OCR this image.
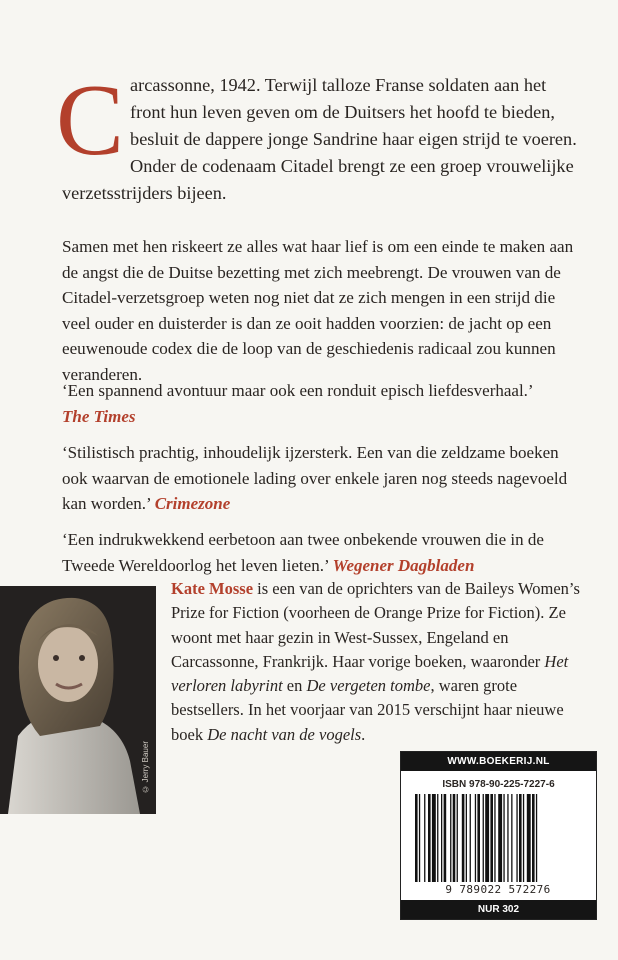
Carcassonne, 1942. Terwijl talloze Franse soldaten aan het front hun leven geven om de Duitsers het hoofd te bieden, besluit de dappere jonge Sandrine haar eigen strijd te voeren. Onder de codenaam Citadel brengt ze een groep vrouwelijke verzetsstrijders bijeen.
Samen met hen riskeert ze alles wat haar lief is om een einde te maken aan de angst die de Duitse bezetting met zich meebrengt. De vrouwen van de Citadel-verzetsgroep weten nog niet dat ze zich mengen in een strijd die veel ouder en duisterder is dan ze ooit hadden voorzien: de jacht op een eeuwenoude codex die de loop van de geschiedenis radicaal zou kunnen veranderen.
‘Een spannend avontuur maar ook een ronduit episch liefdesverhaal.’
The Times
‘Stilistisch prachtig, inhoudelijk ijzersterk. Een van die zeldzame boeken ook waarvan de emotionele lading over enkele jaren nog steeds nagevoeld kan worden.’ Crimezone
‘Een indrukwekkend eerbetoon aan twee onbekende vrouwen die in de Tweede Wereldoorlog het leven lieten.’ Wegener Dagbladen
© Jerry Bauer
Kate Mosse is een van de oprichters van de Baileys Women’s Prize for Fiction (voorheen de Orange Prize for Fiction). Ze woont met haar gezin in West-Sussex, Engeland en Carcassonne, Frankrijk. Haar vorige boeken, waaronder Het verloren labyrint en De vergeten tombe, waren grote bestsellers. In het voorjaar van 2015 verschijnt haar nieuwe boek De nacht van de vogels.
WWW.BOEKERIJ.NL
ISBN 978-90-225-7227-6
9 789022 572276
NUR 302
